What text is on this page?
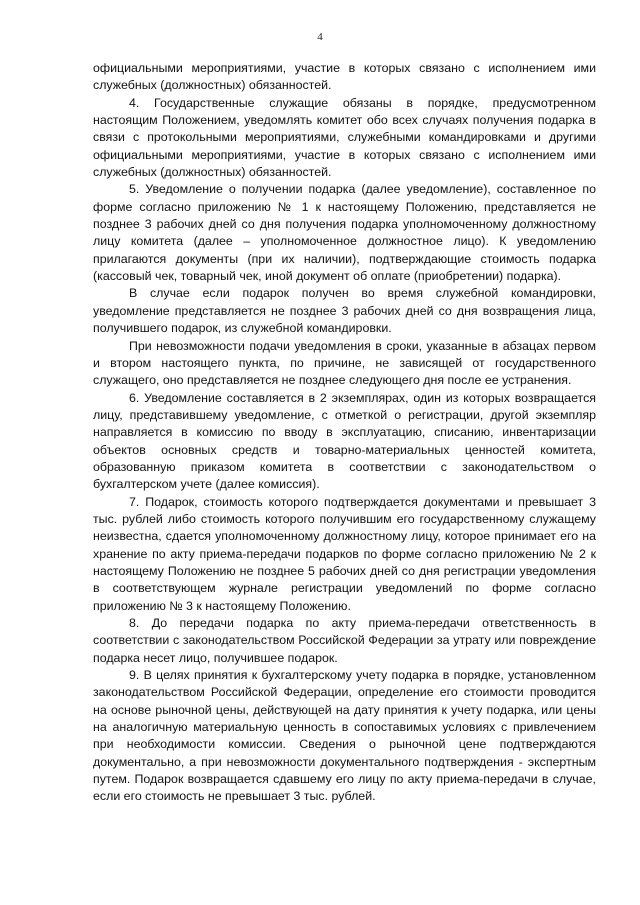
4

официальными мероприятиями, участие в которых связано с исполнением ими служебных (должностных) обязанностей.

4. Государственные служащие обязаны в порядке, предусмотренном настоящим Положением, уведомлять комитет обо всех случаях получения подарка в связи с протокольными мероприятиями, служебными командировками и другими официальными мероприятиями, участие в которых связано с исполнением ими служебных (должностных) обязанностей.

5. Уведомление о получении подарка (далее уведомление), составленное по форме согласно приложению № 1 к настоящему Положению, представляется не позднее 3 рабочих дней со дня получения подарка уполномоченному должностному лицу комитета (далее – уполномоченное должностное лицо). К уведомлению прилагаются документы (при их наличии), подтверждающие стоимость подарка (кассовый чек, товарный чек, иной документ об оплате (приобретении) подарка).

В случае если подарок получен во время служебной командировки, уведомление представляется не позднее 3 рабочих дней со дня возвращения лица, получившего подарок, из служебной командировки.

При невозможности подачи уведомления в сроки, указанные в абзацах первом и втором настоящего пункта, по причине, не зависящей от государственного служащего, оно представляется не позднее следующего дня после ее устранения.

6. Уведомление составляется в 2 экземплярах, один из которых возвращается лицу, представившему уведомление, с отметкой о регистрации, другой экземпляр направляется в комиссию по вводу в эксплуатацию, списанию, инвентаризации объектов основных средств и товарно-материальных ценностей комитета, образованную приказом комитета в соответствии с законодательством о бухгалтерском учете (далее комиссия).

7. Подарок, стоимость которого подтверждается документами и превышает 3 тыс. рублей либо стоимость которого получившим его государственному служащему неизвестна, сдается уполномоченному должностному лицу, которое принимает его на хранение по акту приема-передачи подарков по форме согласно приложению № 2 к настоящему Положению не позднее 5 рабочих дней со дня регистрации уведомления в соответствующем журнале регистрации уведомлений по форме согласно приложению № 3 к настоящему Положению.

8. До передачи подарка по акту приема-передачи ответственность в соответствии с законодательством Российской Федерации за утрату или повреждение подарка несет лицо, получившее подарок.

9. В целях принятия к бухгалтерскому учету подарка в порядке, установленном законодательством Российской Федерации, определение его стоимости проводится на основе рыночной цены, действующей на дату принятия к учету подарка, или цены на аналогичную материальную ценность в сопоставимых условиях с привлечением при необходимости комиссии. Сведения о рыночной цене подтверждаются документально, а при невозможности документального подтверждения - экспертным путем. Подарок возвращается сдавшему его лицу по акту приема-передачи в случае, если его стоимость не превышает 3 тыс. рублей.
